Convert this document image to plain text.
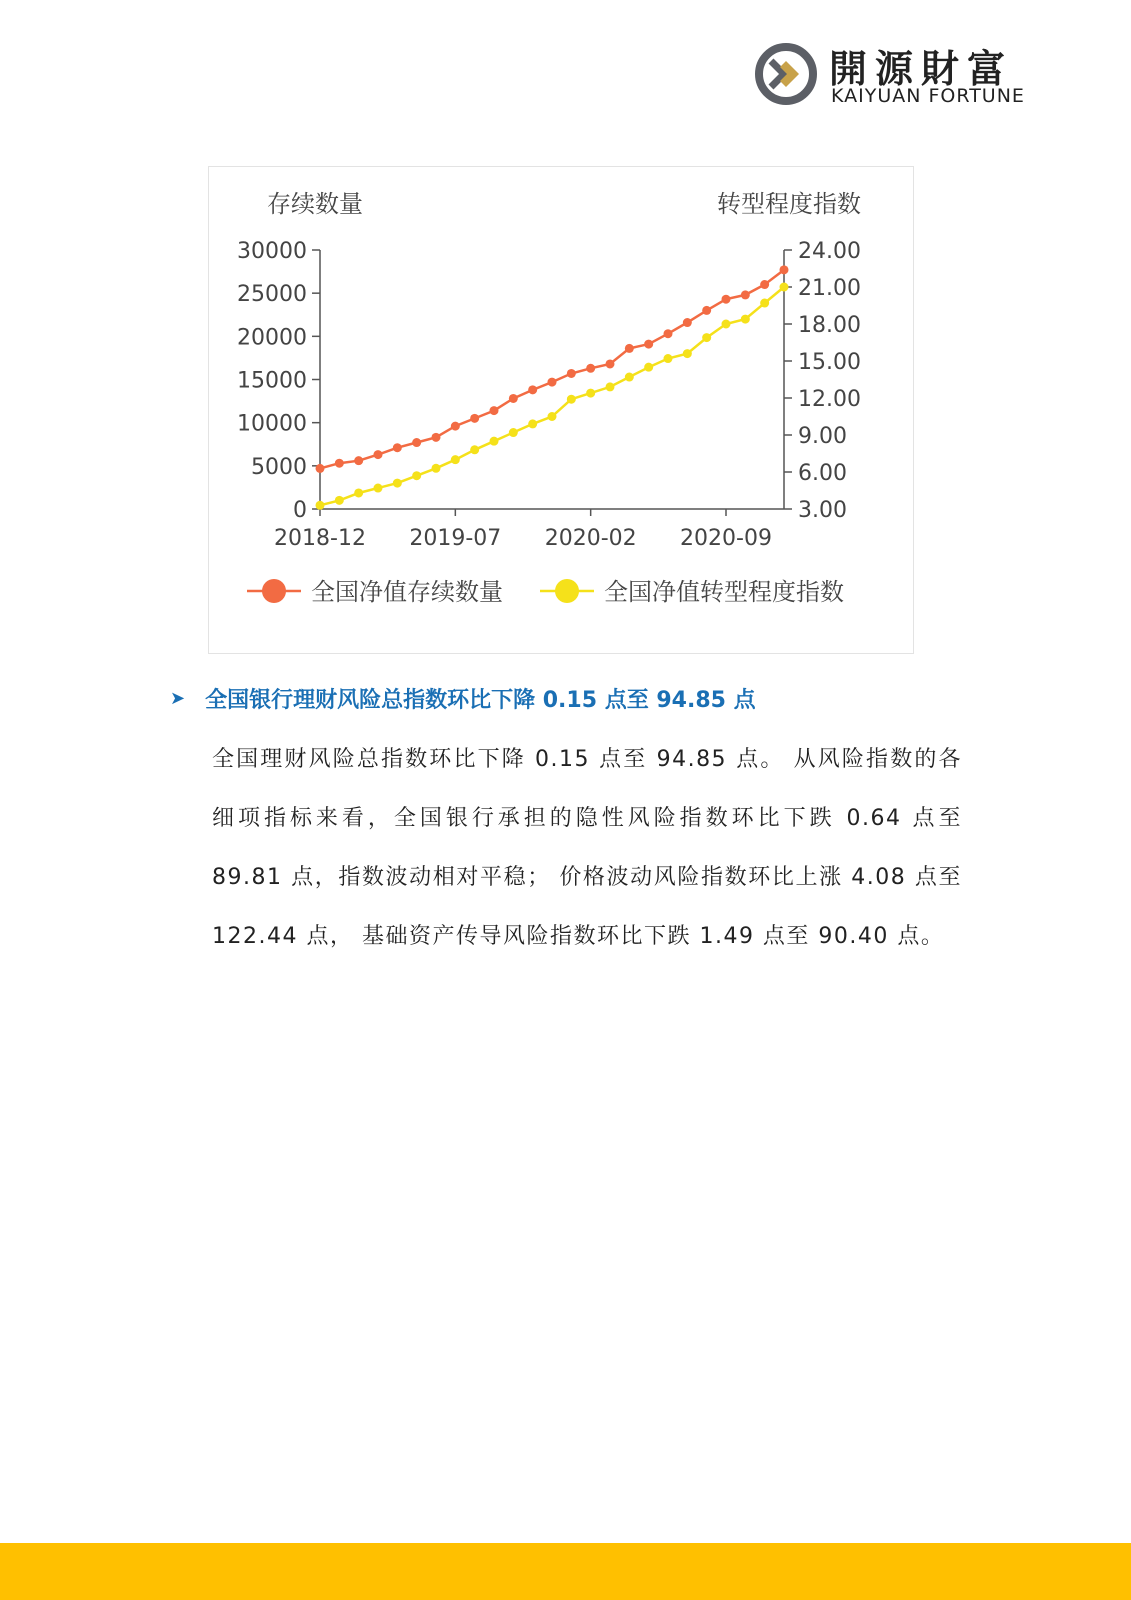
開源財富
KAIYUAN FORTUNE
存续数量	转型程度指数
30000
25000
20000
15000
10000
5000
0
24.00
21.00
18.00
15.00
12.00
9.00
6.00
3.00
2018-12 2019-07 2020-02 2020-09
全国净值存续数量	全国净值转型程度指数
➤ 全国银行理财风险总指数环比下降 0.15 点至 94.85 点
全国理财风险总指数环比下降 0.15 点至 94.85 点。 从风险指数的各细项指标来看，全国银行承担的隐性风险指数环比下跌 0.64 点至 89.81 点，指数波动相对平稳； 价格波动风险指数环比上涨 4.08 点至 122.44 点， 基础资产传导风险指数环比下跌 1.49 点至 90.40 点。
